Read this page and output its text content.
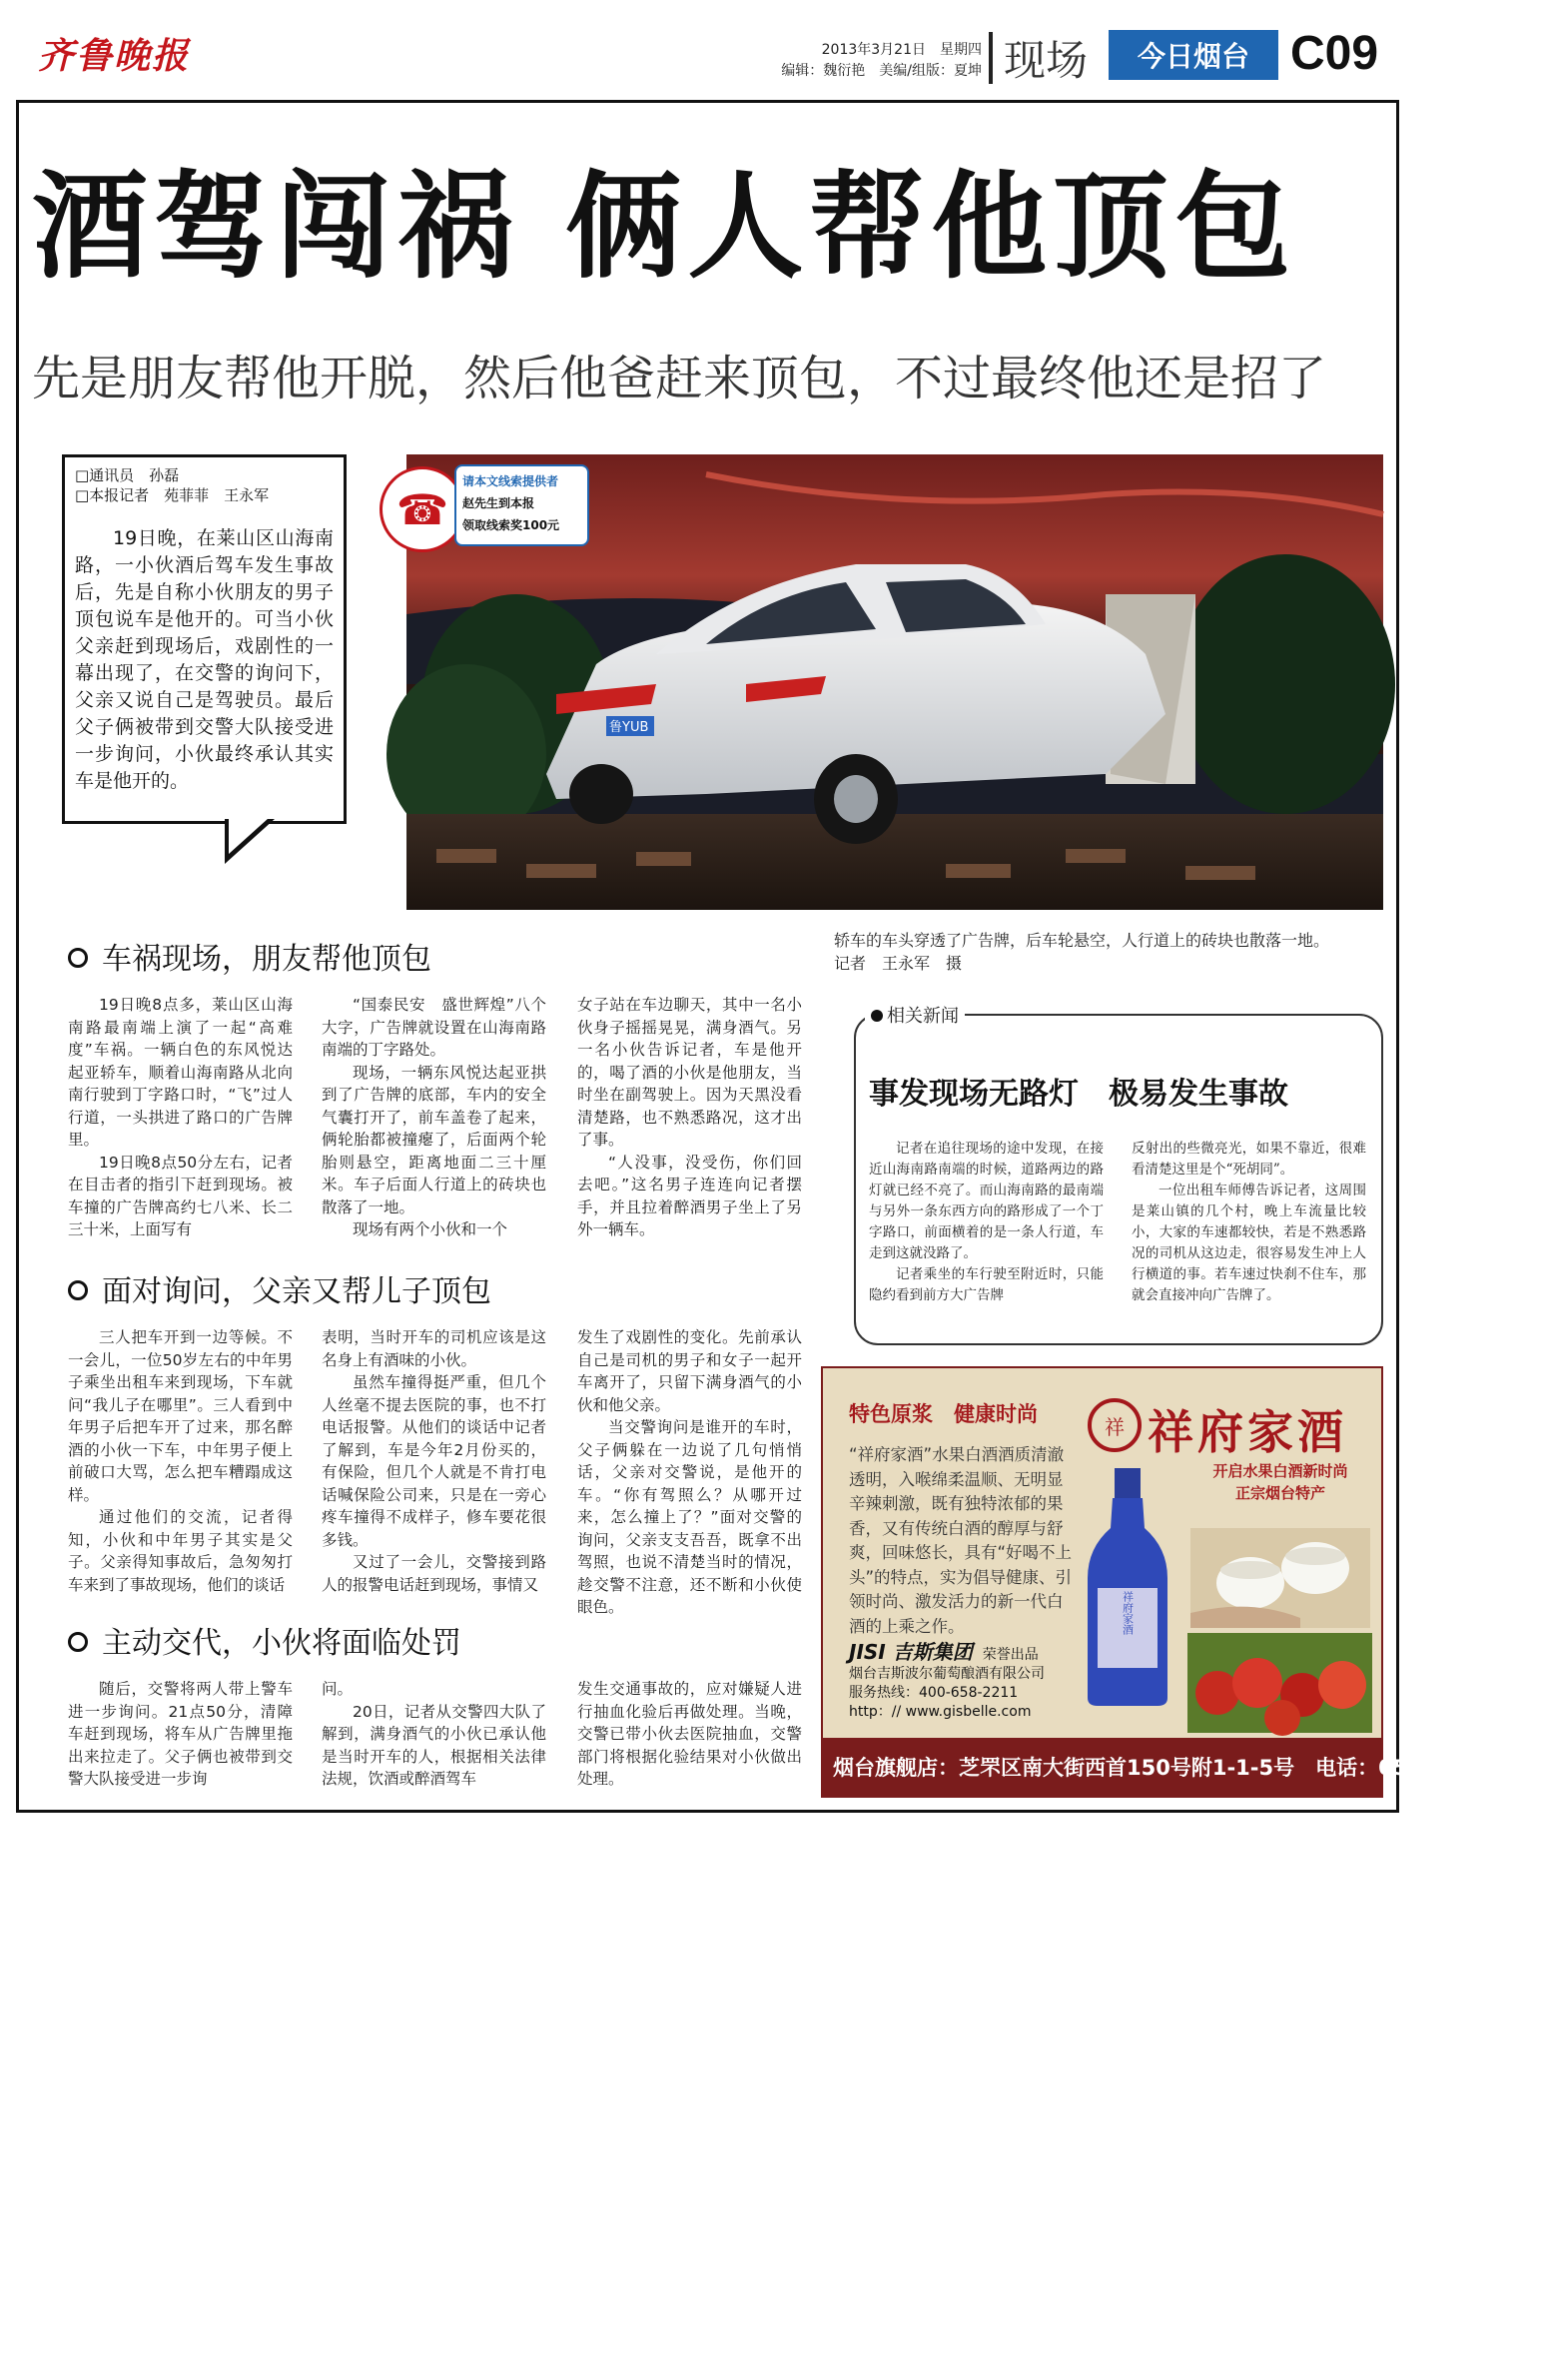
齐鲁晚报	2013年3月21日　星期四
编辑：魏衍艳　美编/组版：夏坤 现场	今日烟台 C09
酒驾闯祸 俩人帮他顶包
先是朋友帮他开脱，然后他爸赶来顶包，不过最终他还是招了
□通讯员　孙磊
□本报记者　苑菲菲　王永军
19日晚，在莱山区山海南路，一小伙酒后驾车发生事故后，先是自称小伙朋友的男子顶包说车是他开的。可当小伙父亲赶到现场后，戏剧性的一幕出现了，在交警的询问下，父亲又说自己是驾驶员。最后父子俩被带到交警大队接受进一步询问，小伙最终承认其实车是他开的。
鲁YUB
☎
请本文线索提供者
赵先生到本报
领取线索奖100元
轿车的车头穿透了广告牌，后车轮悬空，人行道上的砖块也散落一地。
记者　王永军　摄
车祸现场，朋友帮他顶包

19日晚8点多，莱山区山海南路最南端上演了一起“高难度”车祸。一辆白色的东风悦达起亚轿车，顺着山海南路从北向南行驶到丁字路口时，“飞”过人行道，一头拱进了路口的广告牌里。

19日晚8点50分左右，记者在目击者的指引下赶到现场。被车撞的广告牌高约七八米、长二三十米，上面写有

“国泰民安　盛世辉煌”八个大字，广告牌就设置在山海南路南端的丁字路处。

现场，一辆东风悦达起亚拱到了广告牌的底部，车内的安全气囊打开了，前车盖卷了起来，俩轮胎都被撞瘪了，后面两个轮胎则悬空，距离地面二三十厘米。车子后面人行道上的砖块也散落了一地。

现场有两个小伙和一个

女子站在车边聊天，其中一名小伙身子摇摇晃晃，满身酒气。另一名小伙告诉记者，车是他开的，喝了酒的小伙是他朋友，当时坐在副驾驶上。因为天黑没看清楚路，也不熟悉路况，这才出了事。

“人没事，没受伤，你们回去吧。”这名男子连连向记者摆手，并且拉着醉酒男子坐上了另外一辆车。

面对询问，父亲又帮儿子顶包

三人把车开到一边等候。不一会儿，一位50岁左右的中年男子乘坐出租车来到现场，下车就问“我儿子在哪里”。三人看到中年男子后把车开了过来，那名醉酒的小伙一下车，中年男子便上前破口大骂，怎么把车糟蹋成这样。

通过他们的交流，记者得知，小伙和中年男子其实是父子。父亲得知事故后，急匆匆打车来到了事故现场，他们的谈话

表明，当时开车的司机应该是这名身上有酒味的小伙。

虽然车撞得挺严重，但几个人丝毫不提去医院的事，也不打电话报警。从他们的谈话中记者了解到，车是今年2月份买的，有保险，但几个人就是不肯打电话喊保险公司来，只是在一旁心疼车撞得不成样子，修车要花很多钱。

又过了一会儿，交警接到路人的报警电话赶到现场，事情又

发生了戏剧性的变化。先前承认自己是司机的男子和女子一起开车离开了，只留下满身酒气的小伙和他父亲。

当交警询问是谁开的车时，父子俩躲在一边说了几句悄悄话，父亲对交警说，是他开的车。“你有驾照么？从哪开过来，怎么撞上了？”面对交警的询问，父亲支支吾吾，既拿不出驾照，也说不清楚当时的情况，趁交警不注意，还不断和小伙使眼色。

主动交代，小伙将面临处罚

随后，交警将两人带上警车进一步询问。21点50分，清障车赶到现场，将车从广告牌里拖出来拉走了。父子俩也被带到交警大队接受进一步询

问。

20日，记者从交警四大队了解到，满身酒气的小伙已承认他是当时开车的人，根据相关法律法规，饮酒或醉酒驾车

发生交通事故的，应对嫌疑人进行抽血化验后再做处理。当晚，交警已带小伙去医院抽血，交警部门将根据化验结果对小伙做出处理。

相关新闻
事发现场无路灯　极易发生事故

记者在追往现场的途中发现，在接近山海南路南端的时候，道路两边的路灯就已经不亮了。而山海南路的最南端与另外一条东西方向的路形成了一个丁字路口，前面横着的是一条人行道，车走到这就没路了。

记者乘坐的车行驶至附近时，只能隐约看到前方大广告牌

反射出的些微亮光，如果不靠近，很难看清楚这里是个“死胡同”。

一位出租车师傅告诉记者，这周围是莱山镇的几个村，晚上车流量比较小，大家的车速都较快，若是不熟悉路况的司机从这边走，很容易发生冲上人行横道的事。若车速过快刹不住车，那就会直接冲向广告牌了。

特色原浆　健康时尚
祥 祥府家酒
开启水果白酒新时尚
正宗烟台特产
“祥府家酒”水果白酒酒质清澈透明，入喉绵柔温顺、无明显辛辣刺激，既有独特浓郁的果香，又有传统白酒的醇厚与舒爽，回味悠长，具有“好喝不上头”的特点，实为倡导健康、引领时尚、激发活力的新一代白酒的上乘之作。	祥府家酒
JISI 吉斯集团 荣誉出品
烟台吉斯波尔葡萄酿酒有限公司
服务热线：400-658-2211
http：// www.gisbelle.com
烟台旗舰店：芝罘区南大街西首150号附1-1-5号　电话：0535-6694999
